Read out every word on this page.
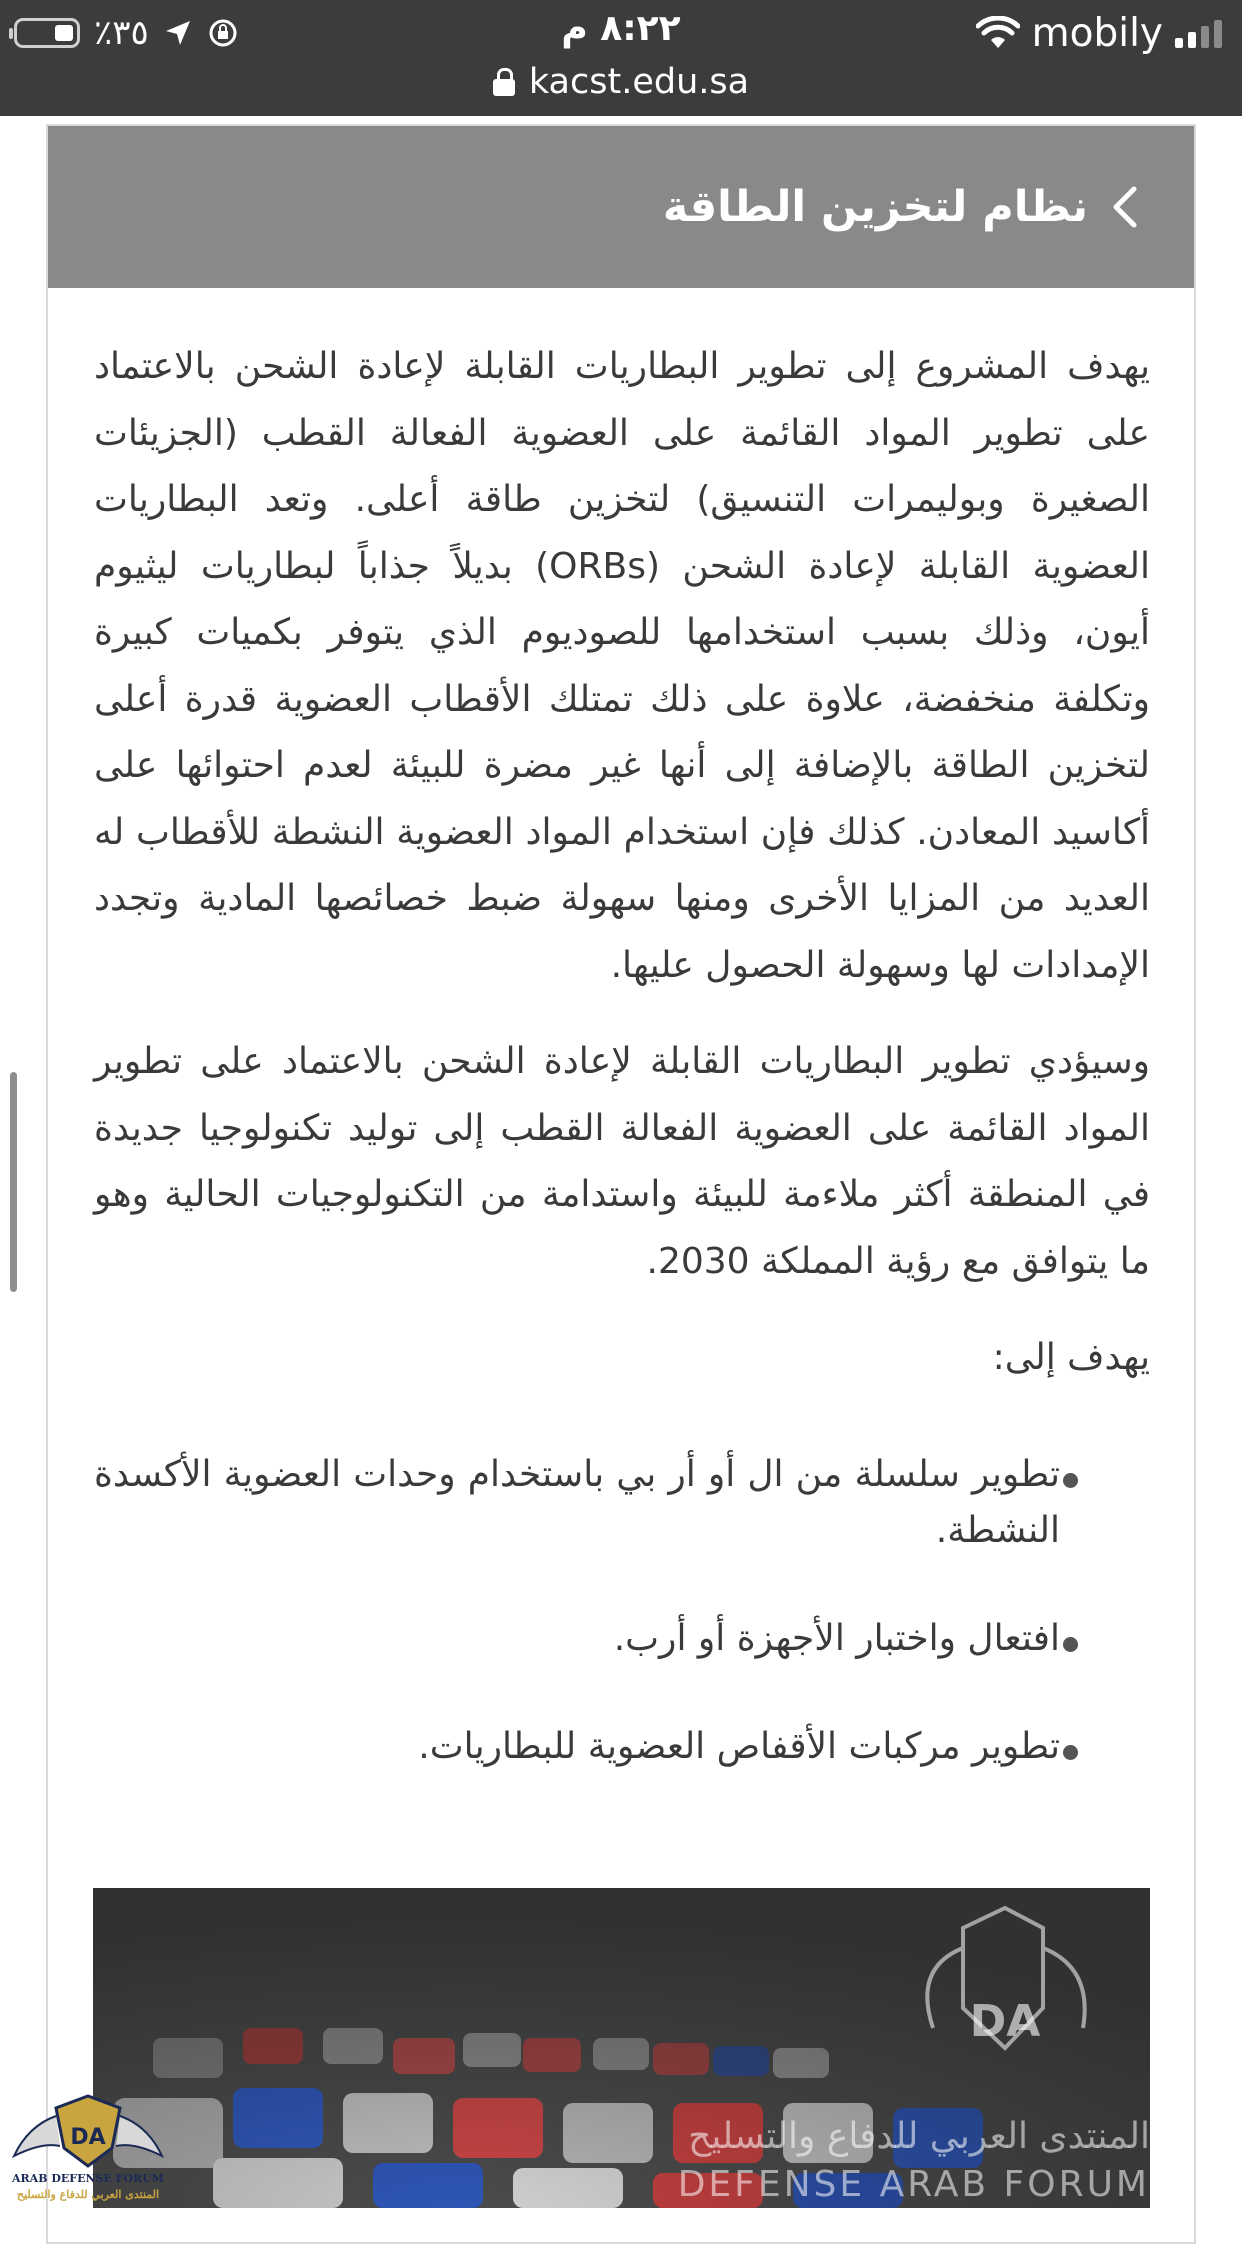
٪٣٥	٨:٢٢ م	mobily
kacst.edu.sa
نظام لتخزين الطاقة

يهدف المشروع إلى تطوير البطاريات القابلة لإعادة الشحن بالاعتماد على تطوير المواد القائمة على العضوية الفعالة القطب (الجزيئات الصغيرة وبوليمرات التنسيق) لتخزين طاقة أعلى. وتعد البطاريات العضوية القابلة لإعادة الشحن (ORBs) بديلاً جذاباً لبطاريات ليثيوم أيون، وذلك بسبب استخدامها للصوديوم الذي يتوفر بكميات كبيرة وتكلفة منخفضة، علاوة على ذلك تمتلك الأقطاب العضوية قدرة أعلى لتخزين الطاقة بالإضافة إلى أنها غير مضرة للبيئة لعدم احتوائها على أكاسيد المعادن. كذلك فإن استخدام المواد العضوية النشطة للأقطاب له العديد من المزايا الأخرى ومنها سهولة ضبط خصائصها المادية وتجدد الإمدادات لها وسهولة الحصول عليها.

وسيؤدي تطوير البطاريات القابلة لإعادة الشحن بالاعتماد على تطوير المواد القائمة على العضوية الفعالة القطب إلى توليد تكنولوجيا جديدة في المنطقة أكثر ملاءمة للبيئة واستدامة من التكنولوجيات الحالية وهو ما يتوافق مع رؤية المملكة 2030.

يهدف إلى:

تطوير سلسلة من ال أو أر بي باستخدام وحدات العضوية الأكسدة النشطة.
افتعال واختبار الأجهزة أو أرب.
تطوير مركبات الأقفاص العضوية للبطاريات.
DA
المنتدى العربي للدفاع والتسليح
DEFENSE ARAB FORUM
DA
ARAB DEFENSE FORUM
المنتدى العربي للدفاع والتسليح
